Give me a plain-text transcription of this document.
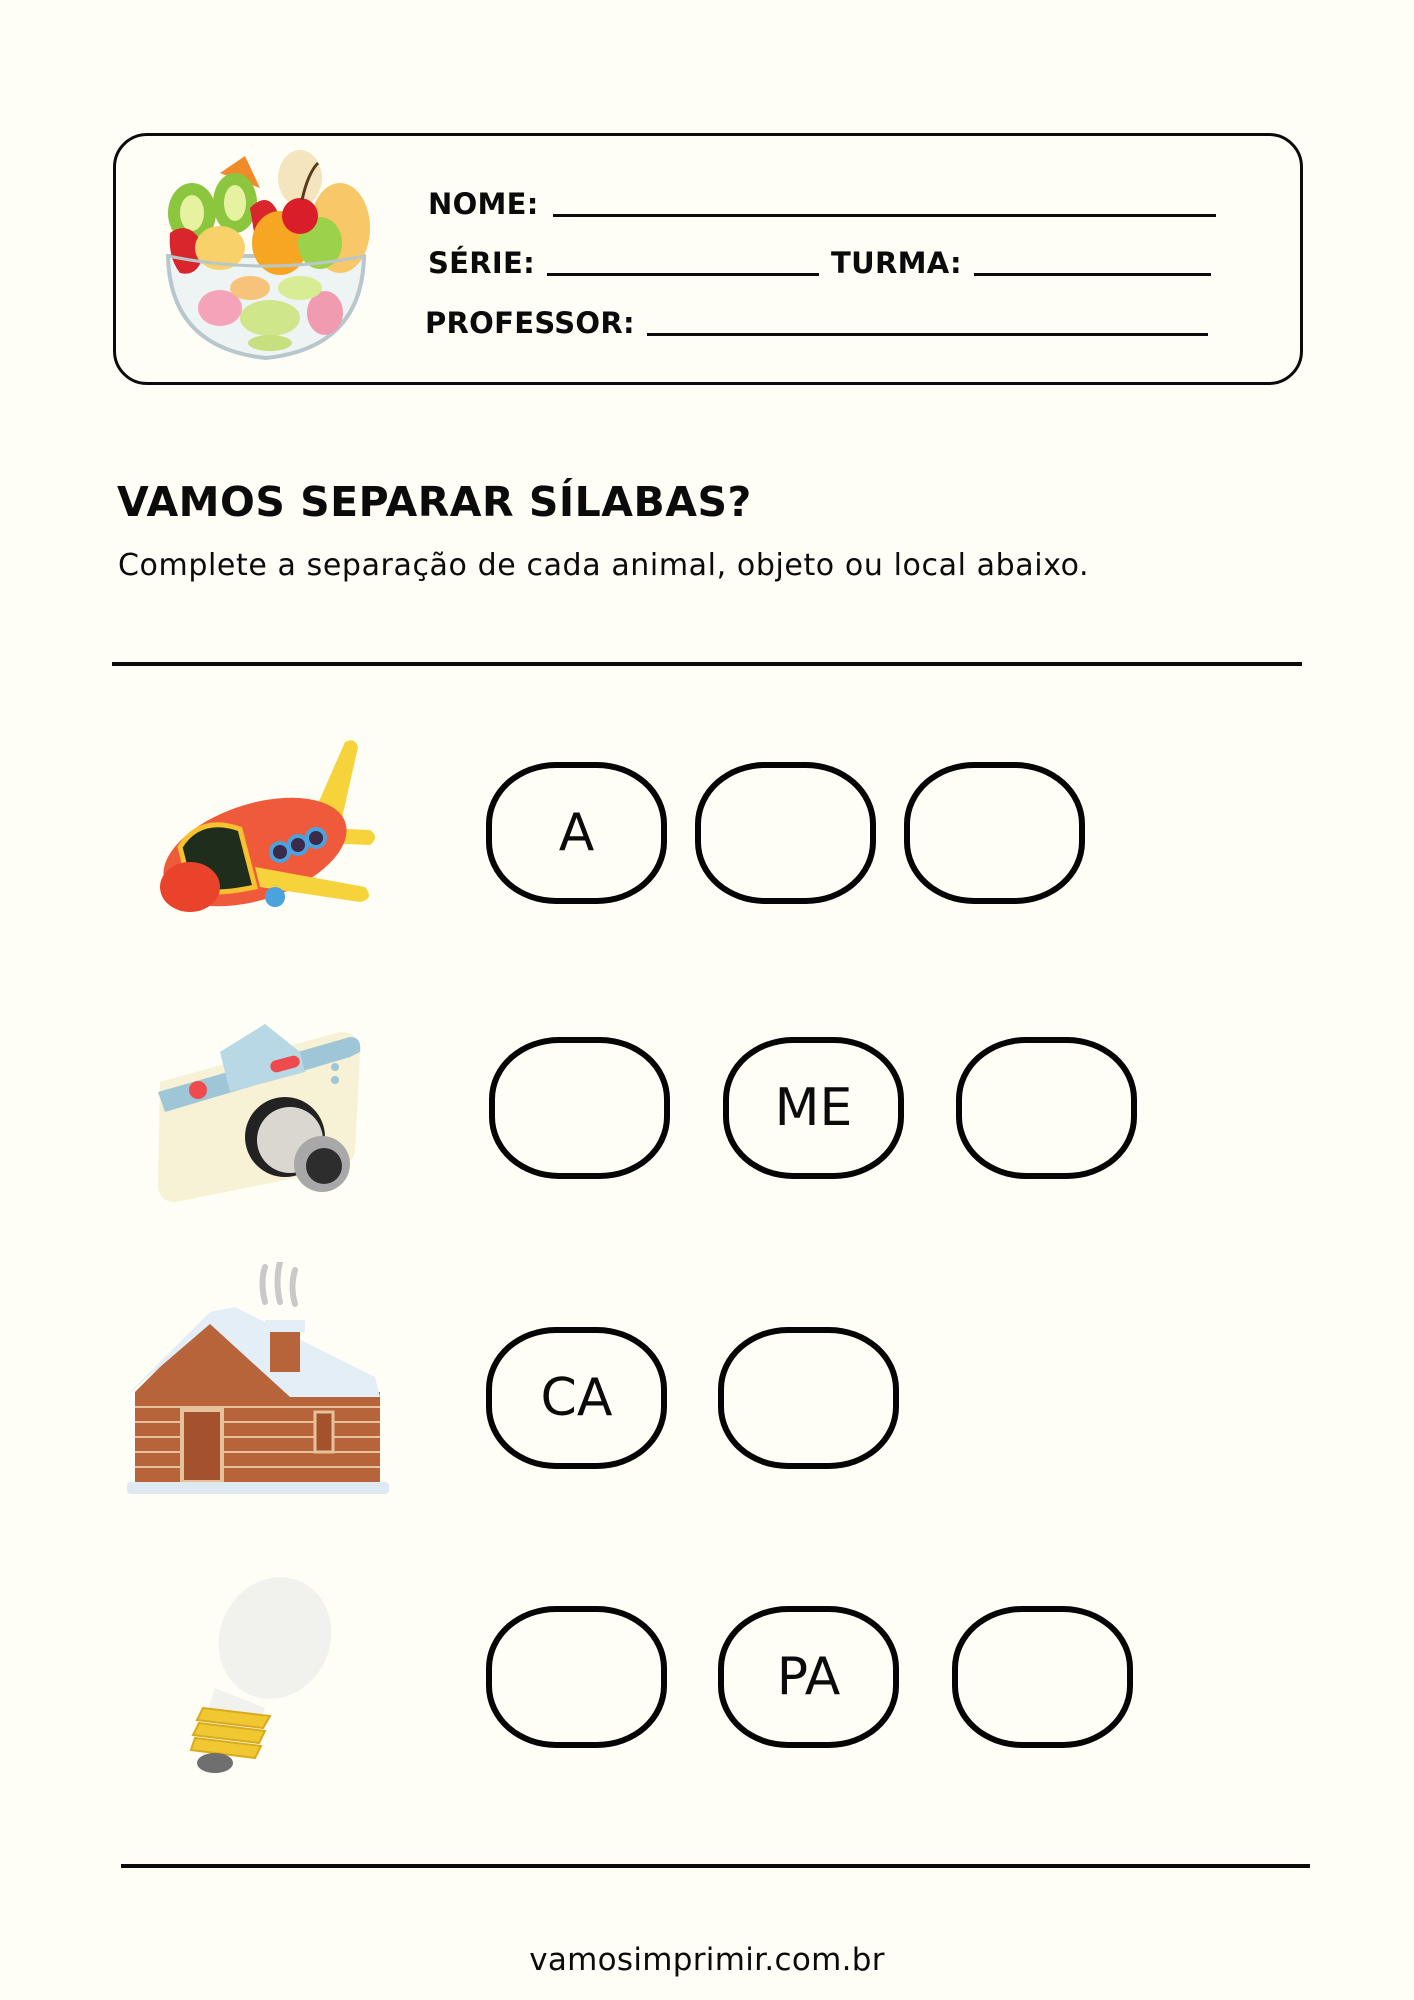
NOME:
SÉRIE:	TURMA:
PROFESSOR:
VAMOS SEPARAR SÍLABAS?

Complete a separação de cada animal, objeto ou local abaixo.

A
ME
CA
PA

vamosimprimir.com.br
